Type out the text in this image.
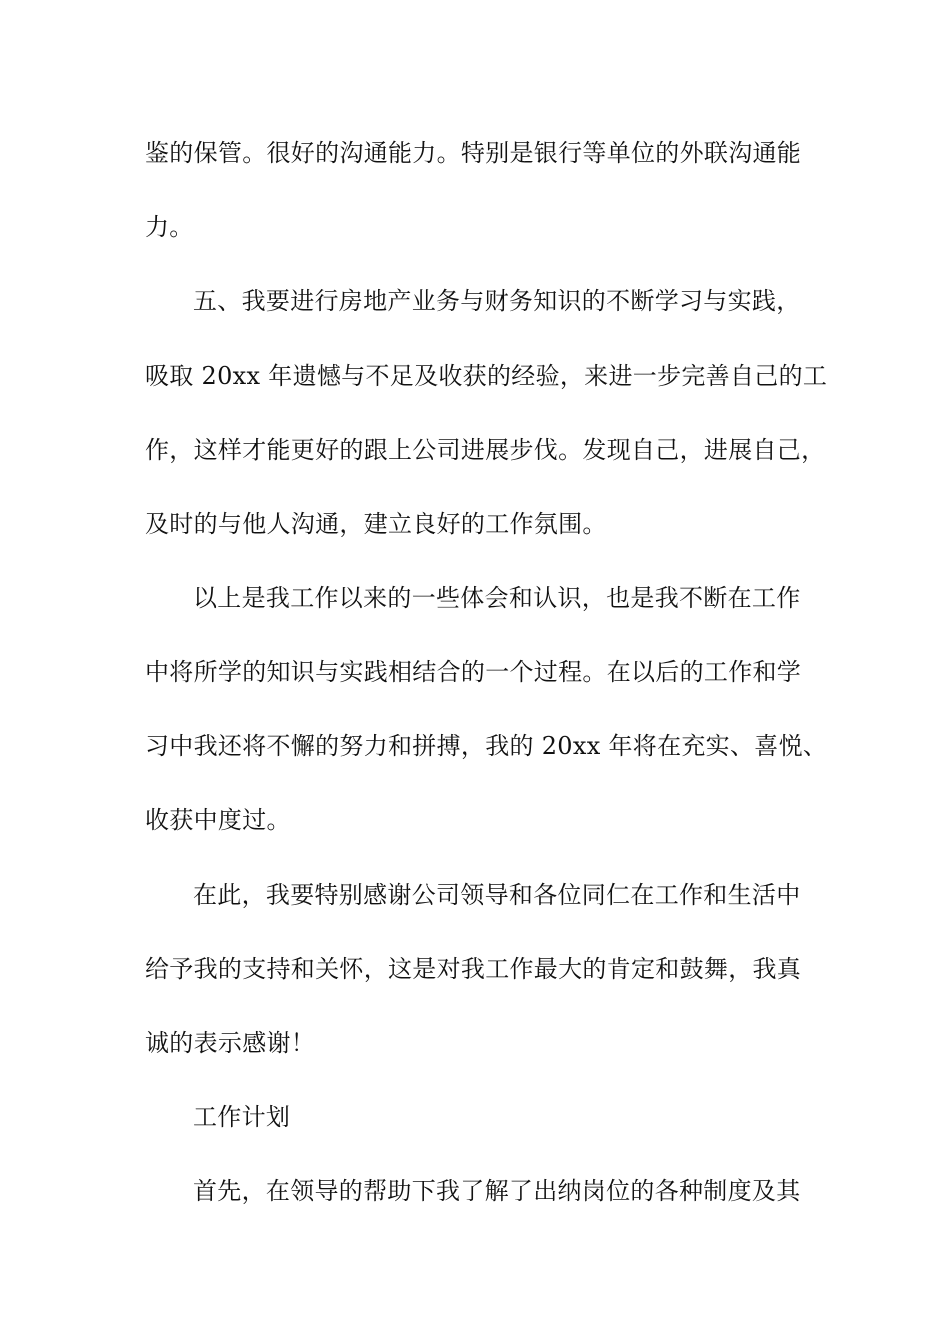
鉴的保管。很好的沟通能力。特别是银行等单位的外联沟通能
力。
五、我要进行房地产业务与财务知识的不断学习与实践，
吸取 20xx 年遗憾与不足及收获的经验，来进一步完善自己的工
作，这样才能更好的跟上公司进展步伐。发现自己，进展自己，
及时的与他人沟通，建立良好的工作氛围。
以上是我工作以来的一些体会和认识，也是我不断在工作
中将所学的知识与实践相结合的一个过程。在以后的工作和学
习中我还将不懈的努力和拼搏，我的 20xx 年将在充实、喜悦、
收获中度过。
在此，我要特别感谢公司领导和各位同仁在工作和生活中
给予我的支持和关怀，这是对我工作最大的肯定和鼓舞，我真
诚的表示感谢！
工作计划
首先，在领导的帮助下我了解了出纳岗位的各种制度及其
